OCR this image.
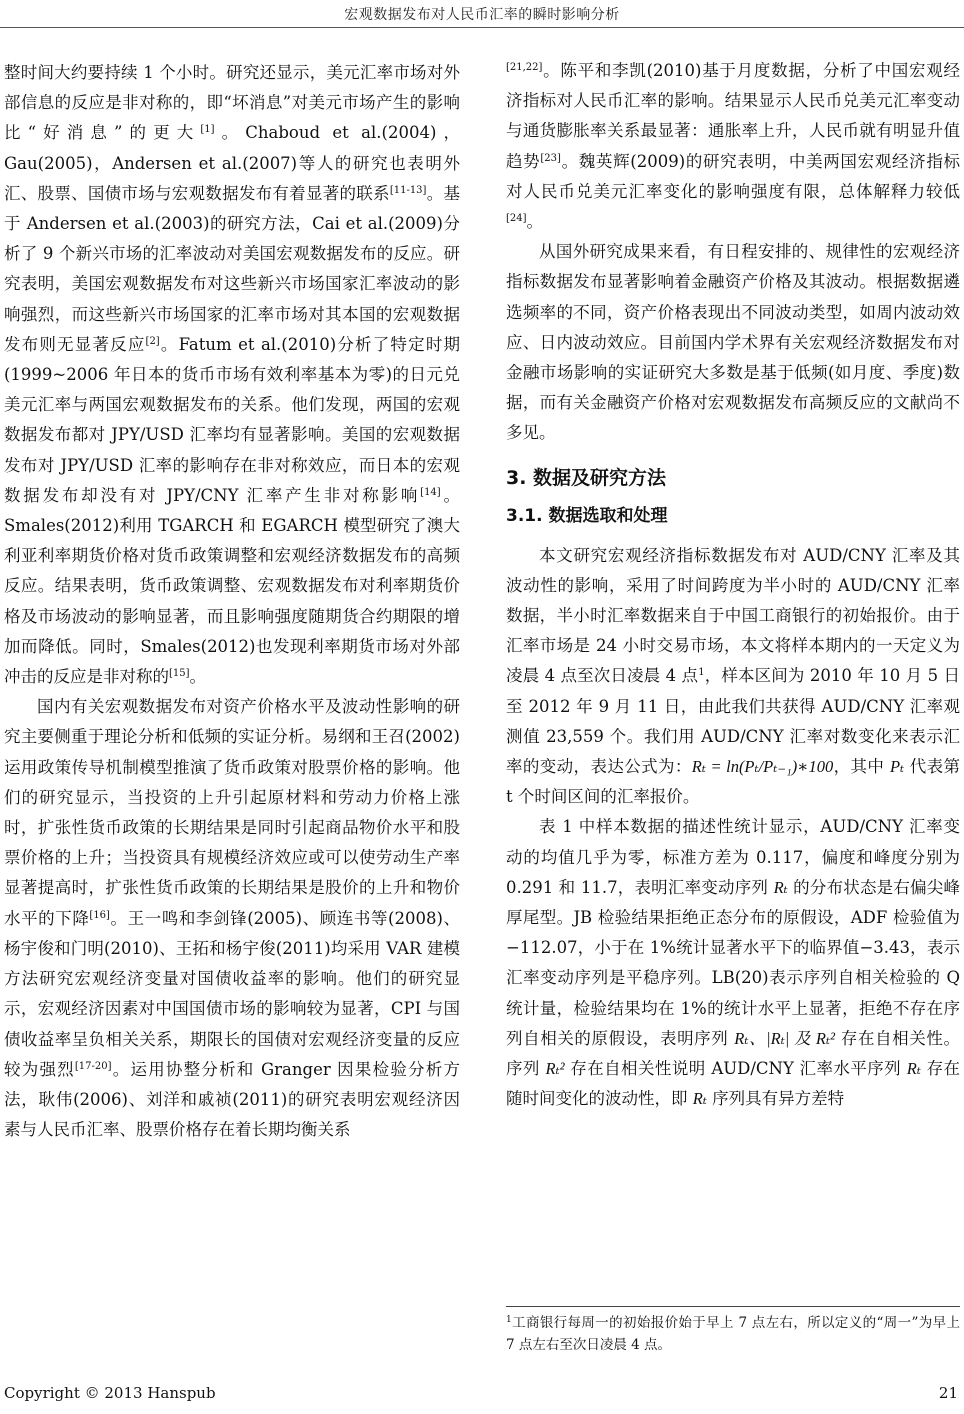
宏观数据发布对人民币汇率的瞬时影响分析

整时间大约要持续 1 个小时。研究还显示，美元汇率市场对外部信息的反应是非对称的，即“坏消息”对美元市场产生的影响比“好消息”的更大[1]。Chaboud et al.(2004)，Gau(2005)，Andersen et al.(2007)等人的研究也表明外汇、股票、国债市场与宏观数据发布有着显著的联系[11-13]。基于 Andersen et al.(2003)的研究方法，Cai et al.(2009)分析了 9 个新兴市场的汇率波动对美国宏观数据发布的反应。研究表明，美国宏观数据发布对这些新兴市场国家汇率波动的影响强烈，而这些新兴市场国家的汇率市场对其本国的宏观数据发布则无显著反应[2]。Fatum et al.(2010)分析了特定时期(1999~2006 年日本的货币市场有效利率基本为零)的日元兑美元汇率与两国宏观数据发布的关系。他们发现，两国的宏观数据发布都对 JPY/USD 汇率均有显著影响。美国的宏观数据发布对 JPY/USD 汇率的影响存在非对称效应，而日本的宏观数据发布却没有对 JPY/CNY 汇率产生非对称影响[14]。Smales(2012)利用 TGARCH 和 EGARCH 模型研究了澳大利亚利率期货价格对货币政策调整和宏观经济数据发布的高频反应。结果表明，货币政策调整、宏观数据发布对利率期货价格及市场波动的影响显著，而且影响强度随期货合约期限的增加而降低。同时，Smales(2012)也发现利率期货市场对外部冲击的反应是非对称的[15]。

国内有关宏观数据发布对资产价格水平及波动性影响的研究主要侧重于理论分析和低频的实证分析。易纲和王召(2002)运用政策传导机制模型推演了货币政策对股票价格的影响。他们的研究显示，当投资的上升引起原材料和劳动力价格上涨时，扩张性货币政策的长期结果是同时引起商品物价水平和股票价格的上升；当投资具有规模经济效应或可以使劳动生产率显著提高时，扩张性货币政策的长期结果是股价的上升和物价水平的下降[16]。王一鸣和李剑锋(2005)、顾连书等(2008)、杨宇俊和门明(2010)、王拓和杨宇俊(2011)均采用 VAR 建模方法研究宏观经济变量对国债收益率的影响。他们的研究显示，宏观经济因素对中国国债市场的影响较为显著，CPI 与国债收益率呈负相关关系，期限长的国债对宏观经济变量的反应较为强烈[17-20]。运用协整分析和 Granger 因果检验分析方法，耿伟(2006)、刘洋和戚祯(2011)的研究表明宏观经济因素与人民币汇率、股票价格存在着长期均衡关系

[21,22]。陈平和李凯(2010)基于月度数据，分析了中国宏观经济指标对人民币汇率的影响。结果显示人民币兑美元汇率变动与通货膨胀率关系最显著：通胀率上升，人民币就有明显升值趋势[23]。魏英辉(2009)的研究表明，中美两国宏观经济指标对人民币兑美元汇率变化的影响强度有限，总体解释力较低[24]。

从国外研究成果来看，有日程安排的、规律性的宏观经济指标数据发布显著影响着金融资产价格及其波动。根据数据遴选频率的不同，资产价格表现出不同波动类型，如周内波动效应、日内波动效应。目前国内学术界有关宏观经济数据发布对金融市场影响的实证研究大多数是基于低频(如月度、季度)数据，而有关金融资产价格对宏观数据发布高频反应的文献尚不多见。

3. 数据及研究方法
3.1. 数据选取和处理

本文研究宏观经济指标数据发布对 AUD/CNY 汇率及其波动性的影响，采用了时间跨度为半小时的 AUD/CNY 汇率数据，半小时汇率数据来自于中国工商银行的初始报价。由于汇率市场是 24 小时交易市场，本文将样本期内的一天定义为凌晨 4 点至次日凌晨 4 点$^1$，样本区间为 2010 年 10 月 5 日至 2012 年 9 月 11 日，由此我们共获得 AUD/CNY 汇率观测值 23,559 个。我们用 AUD/CNY 汇率对数变化来表示汇率的变动，表达公式为：Rₜ = ln(Pₜ/Pₜ₋₁)∗100，其中 Pₜ 代表第 t 个时间区间的汇率报价。

表 1 中样本数据的描述性统计显示，AUD/CNY 汇率变动的均值几乎为零，标准方差为 0.117，偏度和峰度分别为 0.291 和 11.7，表明汇率变动序列 Rₜ 的分布状态是右偏尖峰厚尾型。JB 检验结果拒绝正态分布的原假设，ADF 检验值为−112.07，小于在 1%统计显著水平下的临界值−3.43，表示汇率变动序列是平稳序列。LB(20)表示序列自相关检验的 Q 统计量，检验结果均在 1%的统计水平上显著，拒绝不存在序列自相关的原假设，表明序列 Rₜ、|Rₜ| 及 Rₜ² 存在自相关性。序列 Rₜ² 存在自相关性说明 AUD/CNY 汇率水平序列 Rₜ 存在随时间变化的波动性，即 Rₜ 序列具有异方差特

$^1$工商银行每周一的初始报价始于早上 7 点左右，所以定义的“周一”为早上 7 点左右至次日凌晨 4 点。
Copyright © 2013 Hanspub	21
